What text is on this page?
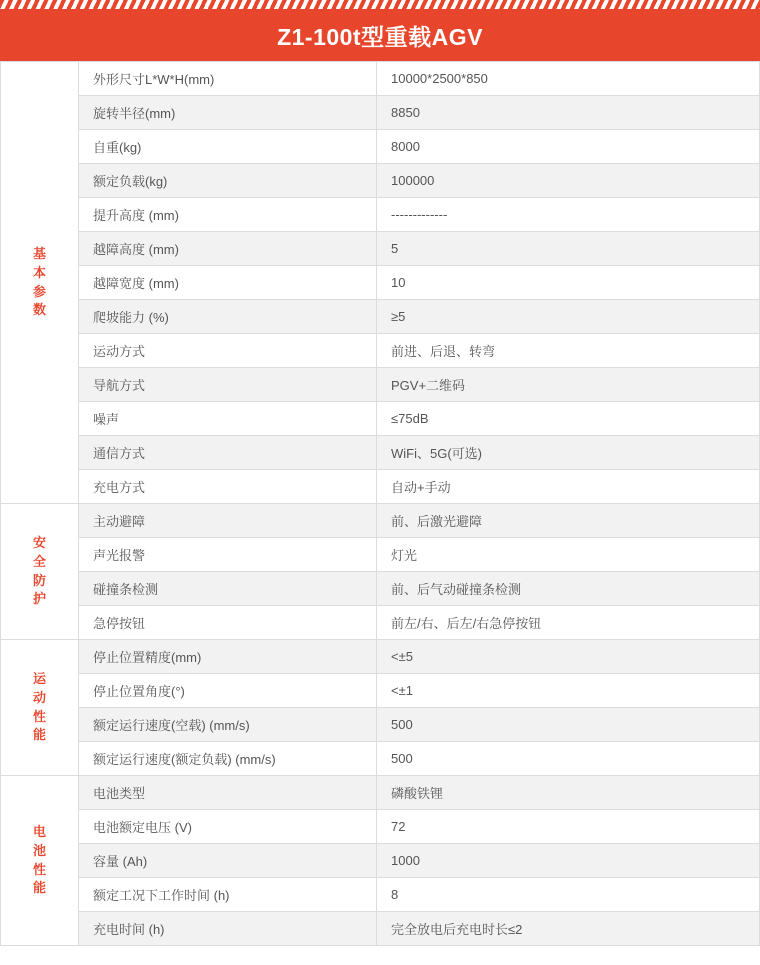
Z1-100t型重载AGV
基
本
参
数	外形尺寸L*W*H(mm)	10000*2500*850
	旋转半径(mm)	8850
	自重(kg)	8000
	额定负载(kg)	100000
	提升高度 (mm)	-------------
	越障高度 (mm)	5
	越障宽度 (mm)	10
	爬坡能力 (%)	≥5
	运动方式	前进、后退、转弯
	导航方式	PGV+二维码
	噪声	≤75dB
	通信方式	WiFi、5G(可选)
	充电方式	自动+手动

安
全
防
护	主动避障	前、后激光避障
	声光报警	灯光
	碰撞条检测	前、后气动碰撞条检测
	急停按钮	前左/右、后左/右急停按钮

运
动
性
能	停止位置精度(mm)	<±5
	停止位置角度(°)	<±1
	额定运行速度(空载) (mm/s)	500
	额定运行速度(额定负载) (mm/s)	500

电
池
性
能	电池类型	磷酸铁锂
	电池额定电压 (V)	72
	容量 (Ah)	1000
	额定工况下工作时间 (h)	8
	充电时间 (h)	完全放电后充电时长≤2
